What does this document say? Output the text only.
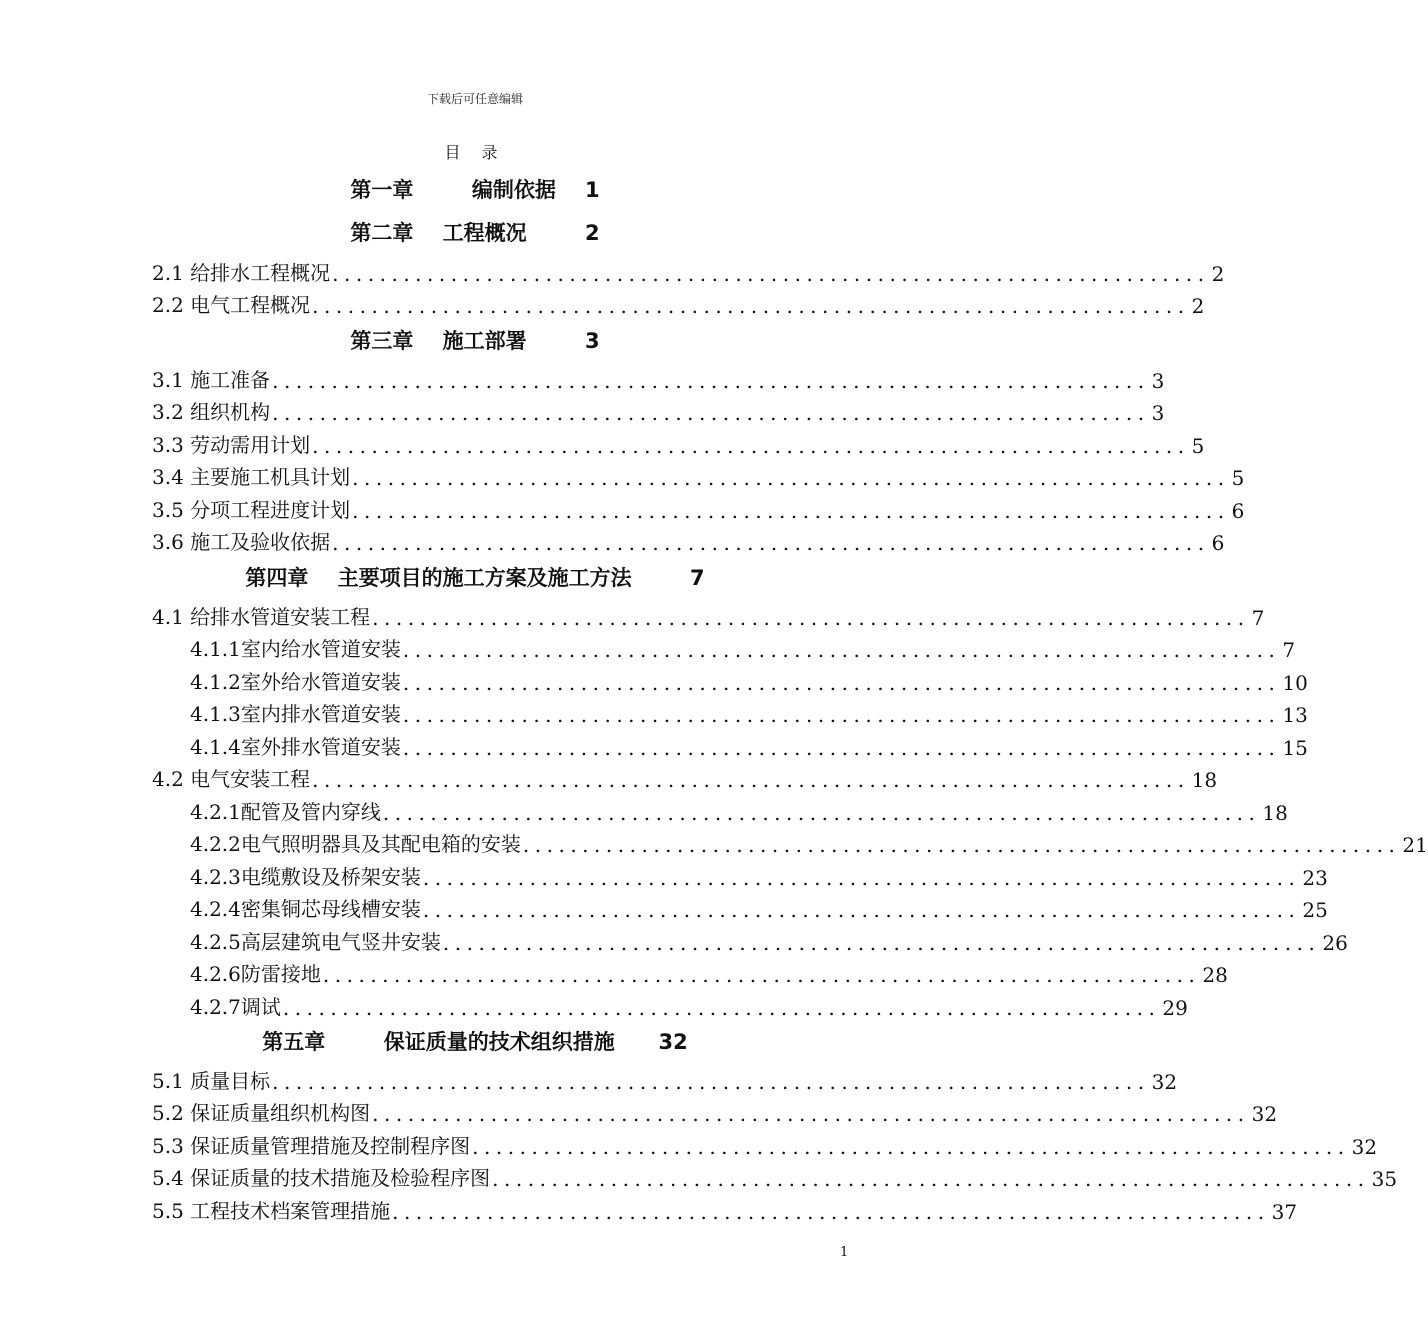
下载后可任意编辑
目 录
第一章        编制依据    1
第二章    工程概况        2
2.1 给排水工程概况 .......................................................................... 2
2.2 电气工程概况 .......................................................................... 2
第三章    施工部署        3
3.1 施工准备 .......................................................................... 3
3.2 组织机构 .......................................................................... 3
3.3 劳动需用计划 .......................................................................... 5
3.4 主要施工机具计划 .......................................................................... 5
3.5 分项工程进度计划 .......................................................................... 6
3.6 施工及验收依据 .......................................................................... 6
第四章    主要项目的施工方案及施工方法        7
4.1 给排水管道安装工程 .......................................................................... 7
4.1.1室内给水管道安装 .......................................................................... 7
4.1.2室外给水管道安装 .......................................................................... 10
4.1.3室内排水管道安装 .......................................................................... 13
4.1.4室外排水管道安装 .......................................................................... 15
4.2 电气安装工程 .......................................................................... 18
4.2.1配管及管内穿线 .......................................................................... 18
4.2.2电气照明器具及其配电箱的安装 .......................................................................... 21
4.2.3电缆敷设及桥架安装 .......................................................................... 23
4.2.4密集铜芯母线槽安装 .......................................................................... 25
4.2.5高层建筑电气竖井安装 .......................................................................... 26
4.2.6防雷接地 .......................................................................... 28
4.2.7调试 .......................................................................... 29
第五章        保证质量的技术组织措施      32
5.1 质量目标 .......................................................................... 32
5.2 保证质量组织机构图 .......................................................................... 32
5.3 保证质量管理措施及控制程序图 .......................................................................... 32
5.4 保证质量的技术措施及检验程序图 .......................................................................... 35
5.5 工程技术档案管理措施 .......................................................................... 37
1
